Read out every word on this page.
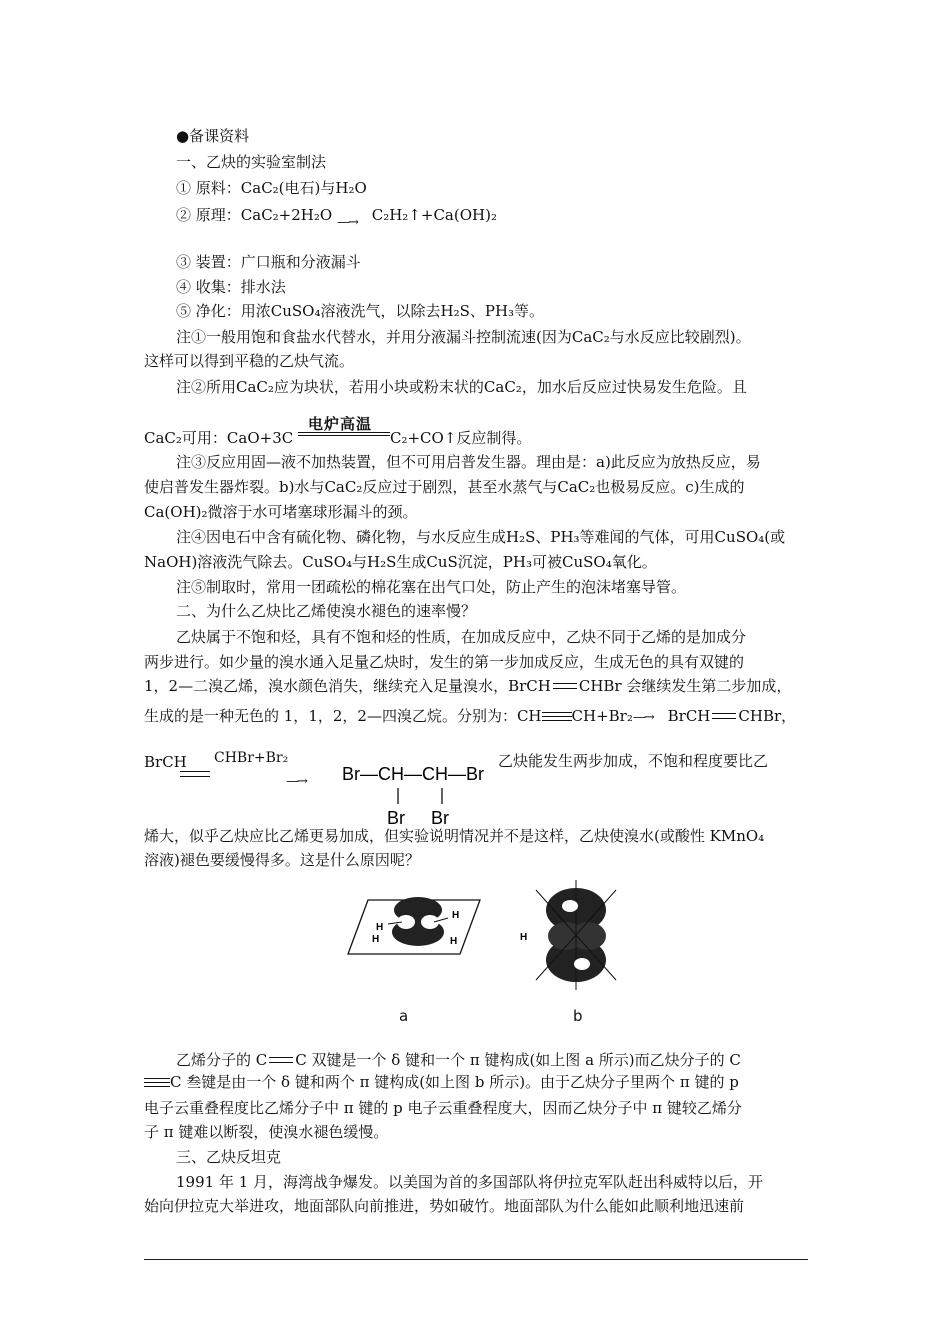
●备课资料
一、乙炔的实验室制法
① 原料：CaC₂(电石)与H₂O
② 原理：CaC₂+2H₂O —→ C₂H₂↑+Ca(OH)₂
③ 装置：广口瓶和分液漏斗
④ 收集：排水法
⑤ 净化：用浓CuSO₄溶液洗气，以除去H₂S、PH₃等。
注①一般用饱和食盐水代替水，并用分液漏斗控制流速(因为CaC₂与水反应比较剧烈)。
这样可以得到平稳的乙炔气流。
注②所用CaC₂应为块状，若用小块或粉末状的CaC₂，加水后反应过快易发生危险。且
CaC₂可用：CaO+3C
电炉高温
C₂+CO↑反应制得。
注③反应用固—液不加热装置，但不可用启普发生器。理由是：a)此反应为放热反应，易
使启普发生器炸裂。b)水与CaC₂反应过于剧烈，甚至水蒸气与CaC₂也极易反应。c)生成的
Ca(OH)₂微溶于水可堵塞球形漏斗的颈。
注④因电石中含有硫化物、磷化物，与水反应生成H₂S、PH₃等难闻的气体，可用CuSO₄(或
NaOH)溶液洗气除去。CuSO₄与H₂S生成CuS沉淀，PH₃可被CuSO₄氧化。
注⑤制取时，常用一团疏松的棉花塞在出气口处，防止产生的泡沫堵塞导管。
二、为什么乙炔比乙烯使溴水褪色的速率慢？
乙炔属于不饱和烃，具有不饱和烃的性质，在加成反应中，乙炔不同于乙烯的是加成分
两步进行。如少量的溴水通入足量乙炔时，发生的第一步加成反应，生成无色的具有双键的
1，2—二溴乙烯，溴水颜色消失，继续充入足量溴水，BrCH CHBr 会继续发生第二步加成，
生成的是一种无色的 1，1，2，2—四溴乙烷。分别为：CH CH+Br₂—→ BrCH CHBr，
BrCH	CHBr+Br₂
—→
Br—CH—CH—Br
Br Br
乙炔能发生两步加成，不饱和程度要比乙
烯大，似乎乙炔应比乙烯更易加成，但实验说明情况并不是这样，乙炔使溴水(或酸性 KMnO₄
溶液)褪色要缓慢得多。这是什么原因呢？
H
H
H
H	H
a	b
乙烯分子的 C C 双键是一个 δ 键和一个 π 键构成(如上图 a 所示)而乙炔分子的 C
C 叁键是由一个 δ 键和两个 π 键构成(如上图 b 所示)。由于乙炔分子里两个 π 键的 p
电子云重叠程度比乙烯分子中 π 键的 p 电子云重叠程度大，因而乙炔分子中 π 键较乙烯分
子 π 键难以断裂，使溴水褪色缓慢。
三、乙炔反坦克
1991 年 1 月，海湾战争爆发。以美国为首的多国部队将伊拉克军队赶出科威特以后，开
始向伊拉克大举进攻，地面部队向前推进，势如破竹。地面部队为什么能如此顺利地迅速前
